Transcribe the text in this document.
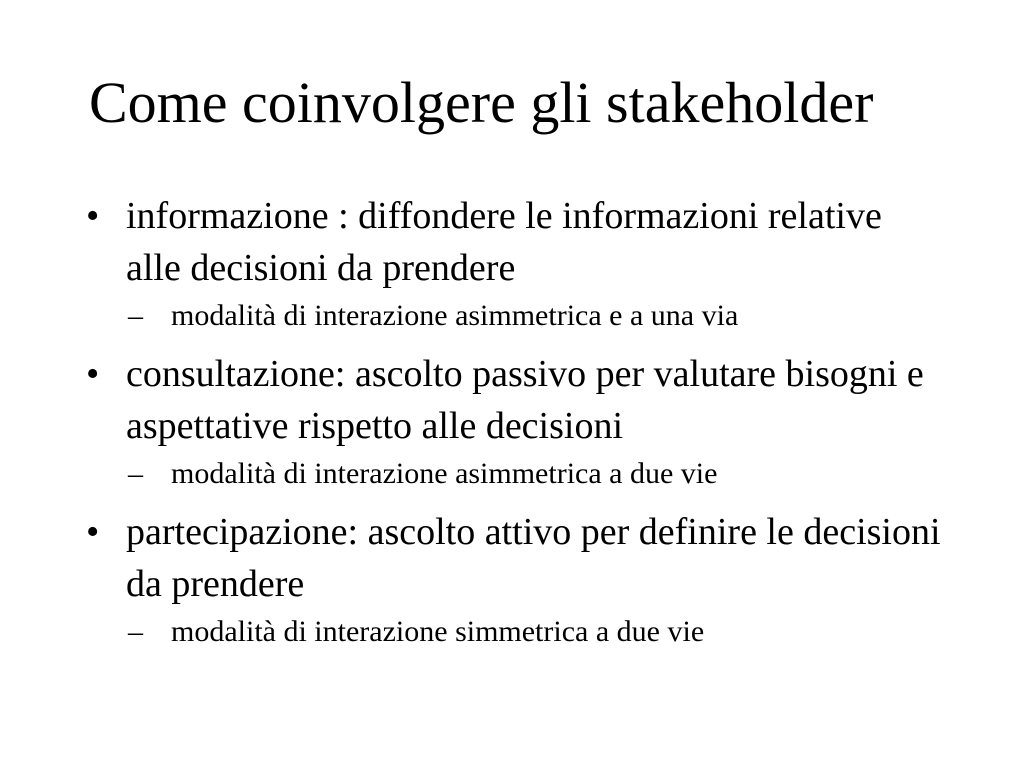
Come coinvolgere gli stakeholder
• informazione : diffondere le informazioni relative alle decisioni da prendere
– modalità di interazione asimmetrica e a una via
• consultazione: ascolto passivo per valutare bisogni e aspettative rispetto alle decisioni
– modalità di interazione asimmetrica a due vie
• partecipazione: ascolto attivo per definire le decisioni da prendere
– modalità di interazione simmetrica a due vie
